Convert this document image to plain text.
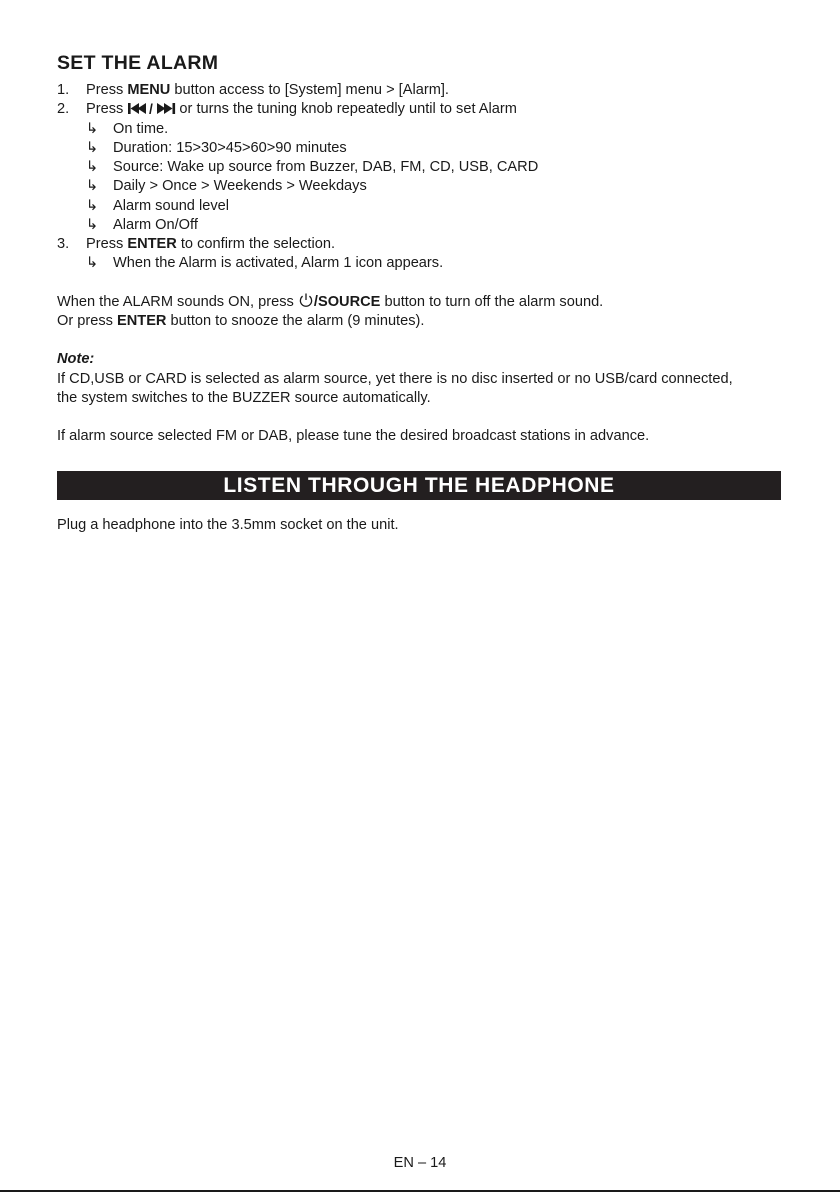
SET THE ALARM
1. Press MENU button access to [System] menu > [Alarm].
2. Press / or turns the tuning knob repeatedly until to set Alarm
↳ On time.
↳ Duration: 15>30>45>60>90 minutes
↳ Source: Wake up source from Buzzer, DAB, FM, CD, USB, CARD
↳ Daily > Once > Weekends > Weekdays
↳ Alarm sound level
↳ Alarm On/Off
3. Press ENTER to confirm the selection.
↳ When the Alarm is activated, Alarm 1 icon appears.
When the ALARM sounds ON, press /SOURCE button to turn off the alarm sound.
Or press ENTER button to snooze the alarm (9 minutes).
Note:
If CD,USB or CARD is selected as alarm source, yet there is no disc inserted or no USB/card connected,
the system switches to the BUZZER source automatically.
If alarm source selected FM or DAB, please tune the desired broadcast stations in advance.
LISTEN THROUGH THE HEADPHONE
Plug a headphone into the 3.5mm socket on the unit.
EN – 14
